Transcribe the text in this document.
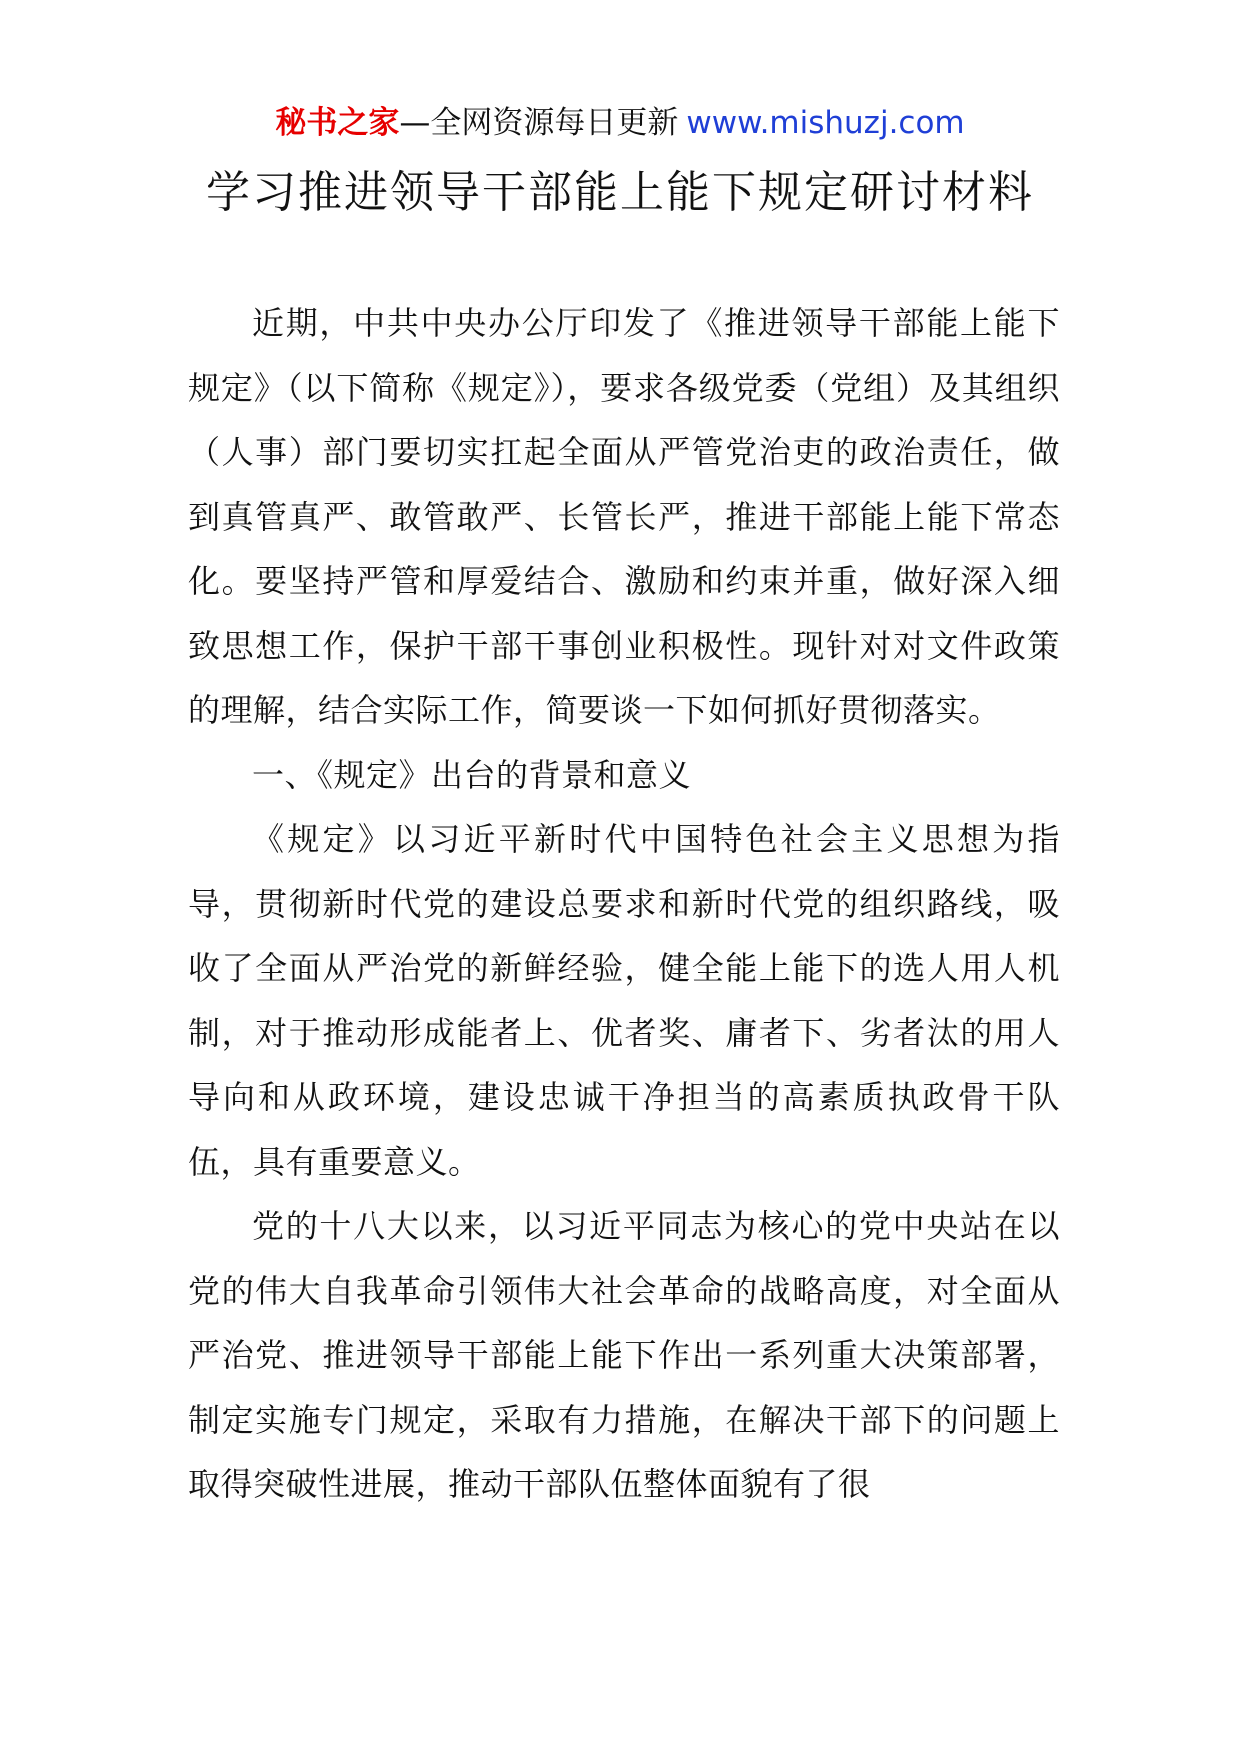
秘书之家—全网资源每日更新 www.mishuzj.com
学习推进领导干部能上能下规定研讨材料

近期，中共中央办公厅印发了《推进领导干部能上能下规定》（以下简称《规定》），要求各级党委（党组）及其组织（人事）部门要切实扛起全面从严管党治吏的政治责任，做到真管真严、敢管敢严、长管长严，推进干部能上能下常态化。要坚持严管和厚爱结合、激励和约束并重，做好深入细致思想工作，保护干部干事创业积极性。现针对对文件政策的理解，结合实际工作，简要谈一下如何抓好贯彻落实。

一、《规定》出台的背景和意义

《规定》以习近平新时代中国特色社会主义思想为指导，贯彻新时代党的建设总要求和新时代党的组织路线，吸收了全面从严治党的新鲜经验，健全能上能下的选人用人机制，对于推动形成能者上、优者奖、庸者下、劣者汰的用人导向和从政环境，建设忠诚干净担当的高素质执政骨干队伍，具有重要意义。

党的十八大以来，以习近平同志为核心的党中央站在以党的伟大自我革命引领伟大社会革命的战略高度，对全面从严治党、推进领导干部能上能下作出一系列重大决策部署，制定实施专门规定，采取有力措施，在解决干部下的问题上取得突破性进展，推动干部队伍整体面貌有了很
